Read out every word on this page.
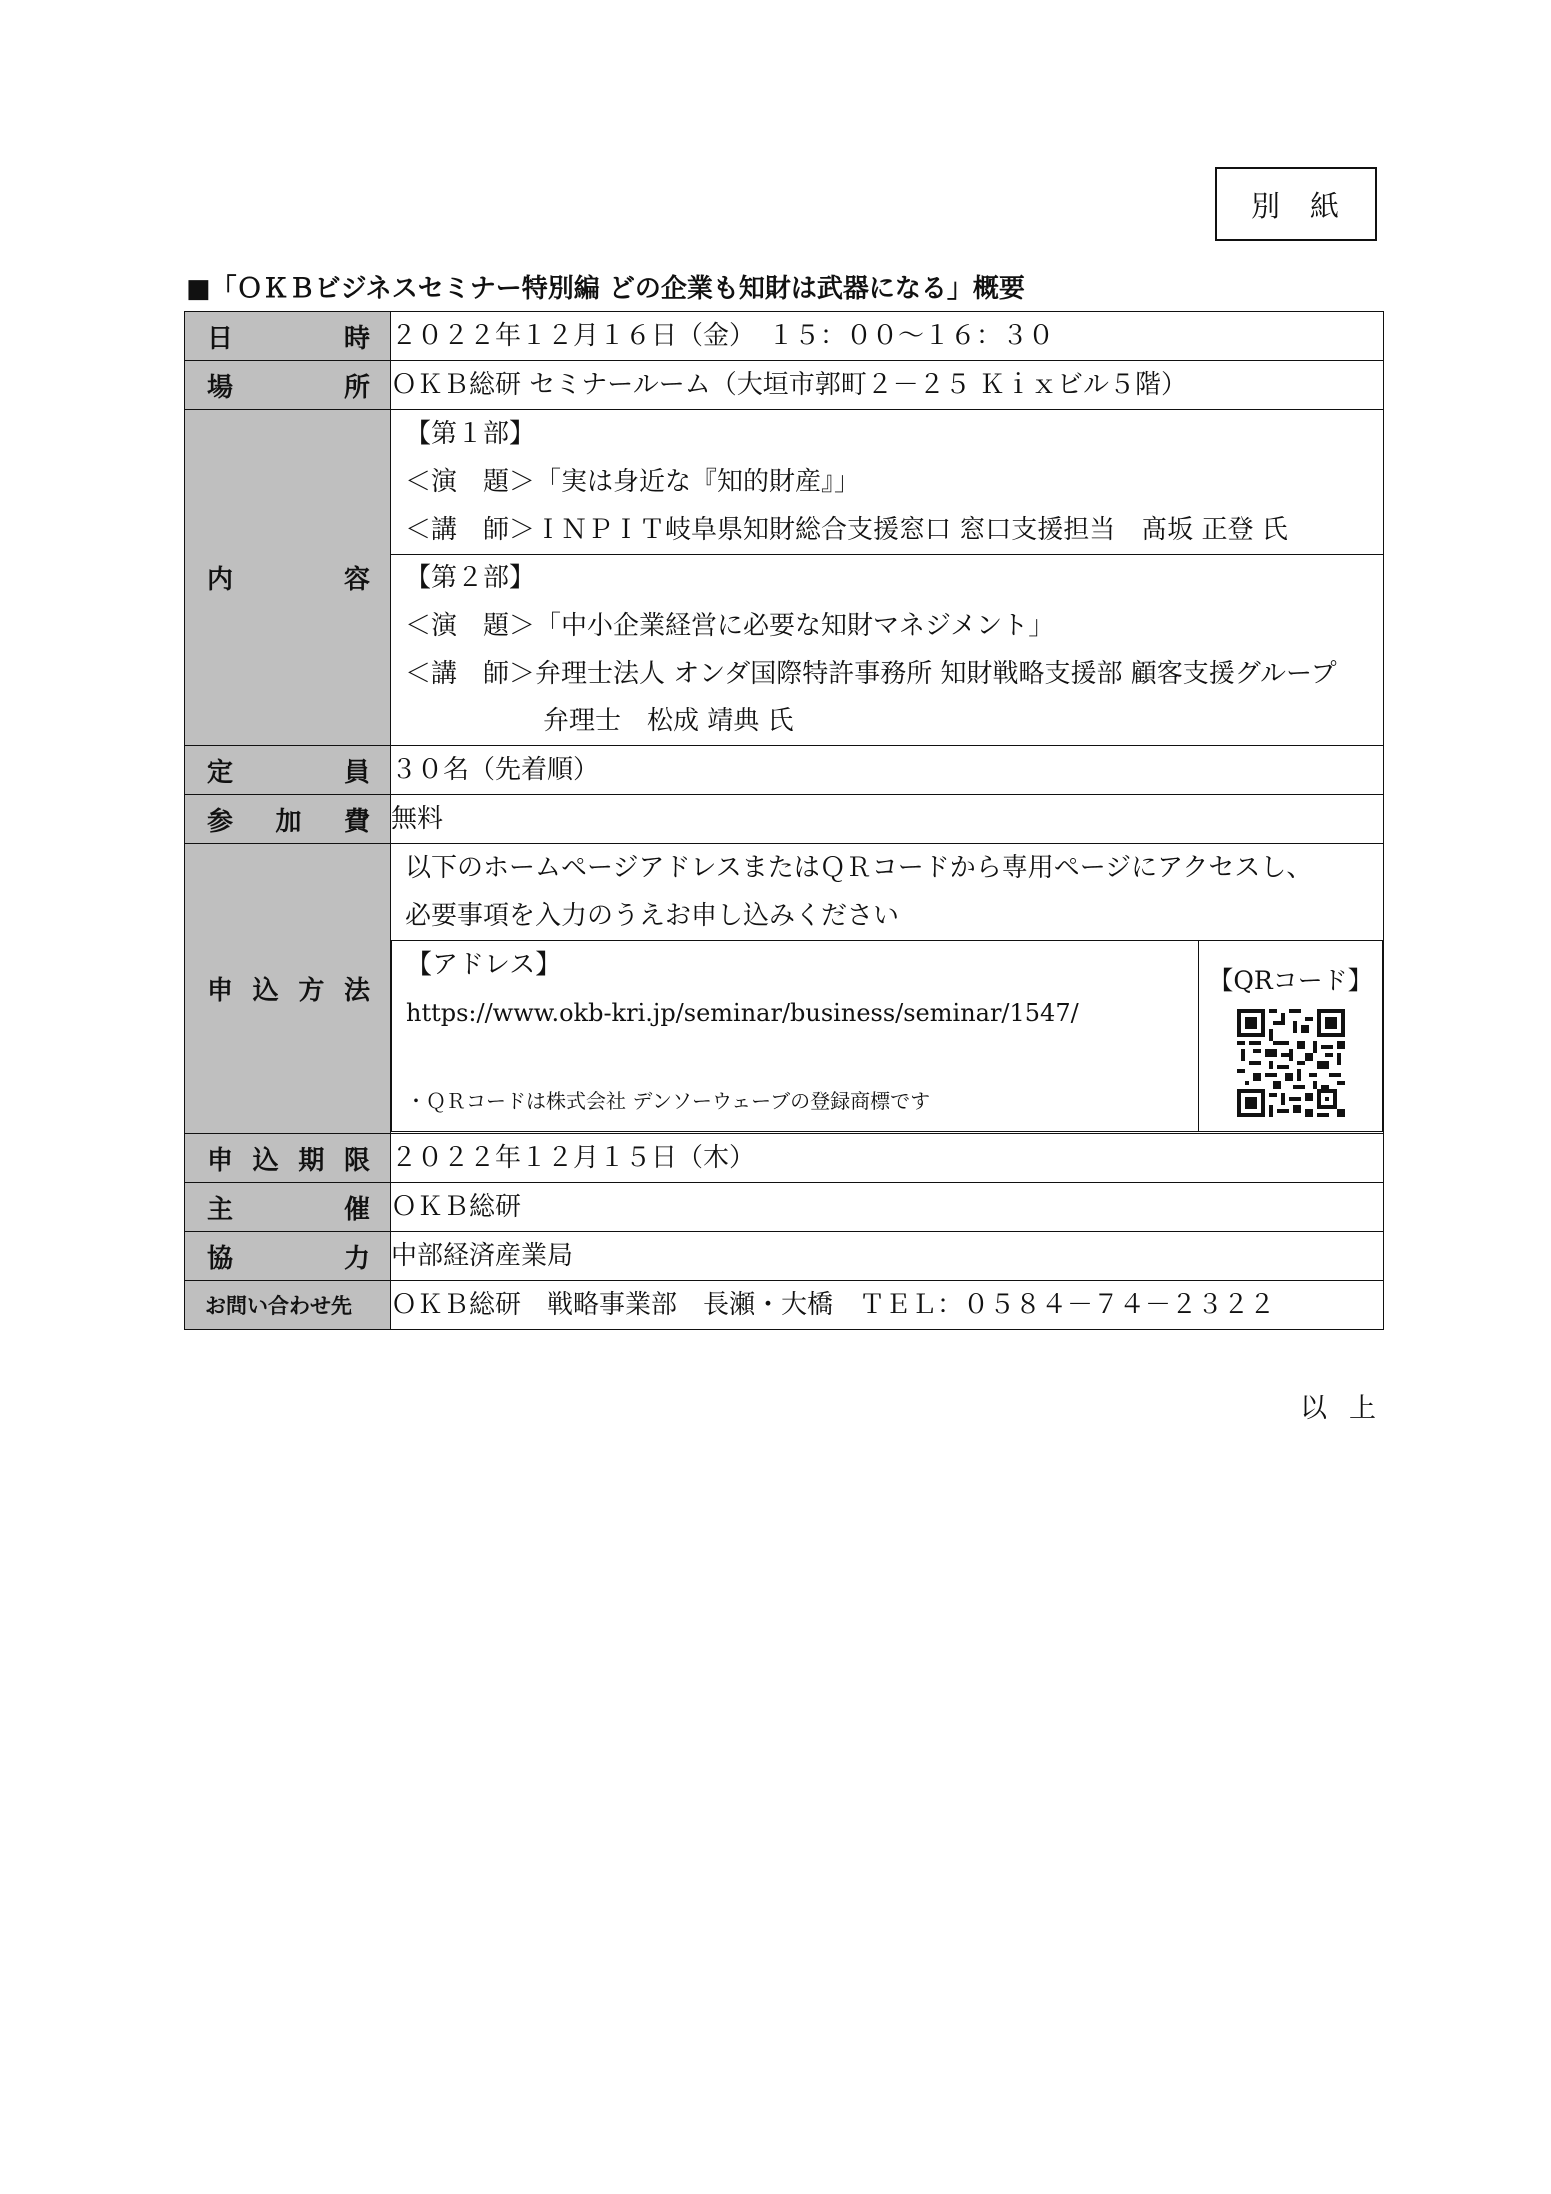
別紙
■「ＯＫＢビジネスセミナー特別編 どの企業も知財は武器になる」概要
日	時	２０２２年１２月１６日（金）　１５：００～１６：３０

場	所	ＯＫＢ総研 セミナールーム（大垣市郭町２－２５ Ｋｉｘビル５階）

内	容

【第１部】
＜演　題＞「実は身近な『知的財産』」
＜講　師＞ＩＮＰＩＴ岐阜県知財総合支援窓口 窓口支援担当　髙坂 正登 氏
【第２部】
＜演　題＞「中小企業経営に必要な知財マネジメント」
＜講　師＞弁理士法人 オンダ国際特許事務所 知財戦略支援部 顧客支援グループ
弁理士　松成 靖典 氏

定	員	３０名（先着順）

参 加 費	無料

申 込 方 法

以下のホームページアドレスまたはＱＲコードから専用ページにアクセスし、
必要事項を入力のうえお申し込みください
【アドレス】
https://www.okb-kri.jp/seminar/business/seminar/1547/
・ＱＲコードは株式会社 デンソーウェーブの登録商標です

【QRコード】

申 込 期 限	２０２２年１２月１５日（木）

主	催	ＯＫＢ総研

協	力	中部経済産業局

お問い合わせ先	ＯＫＢ総研　戦略事業部　長瀬・大橋　ＴＥＬ：０５８４－７４－２３２２
以上
